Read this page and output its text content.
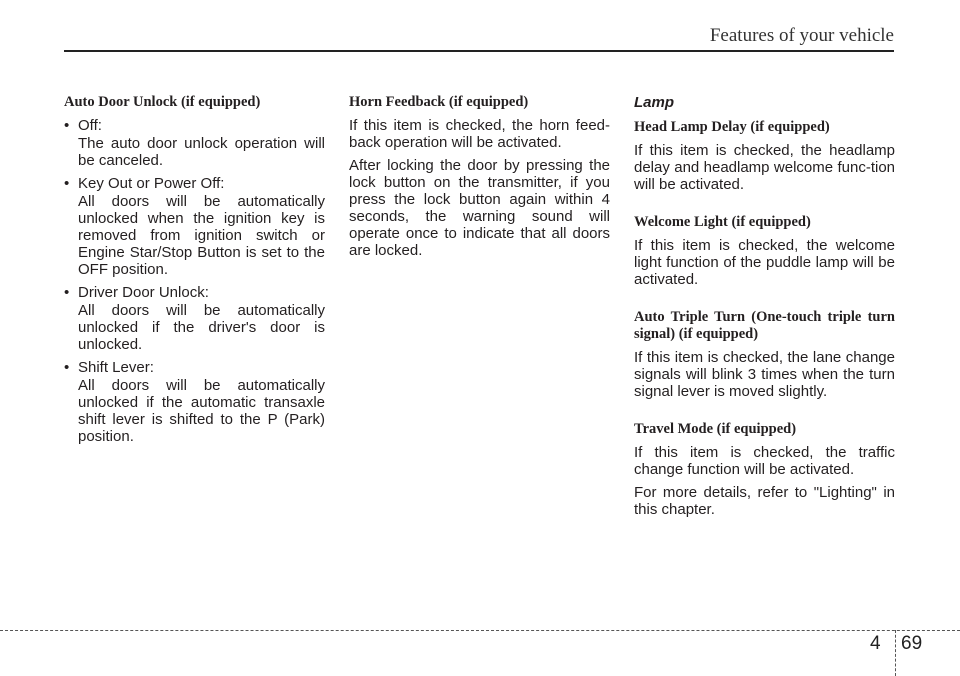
Features of your vehicle
Auto Door Unlock (if equipped)
• Off:
The auto door unlock operation will be canceled.
• Key Out or Power Off:
All doors will be automatically unlocked when the ignition key is removed from ignition switch or Engine Star/Stop Button is set to the OFF position.
• Driver Door Unlock:
All doors will be automatically unlocked if the driver's door is unlocked.
• Shift Lever:
All doors will be automatically unlocked if the automatic transaxle shift lever is shifted to the P (Park) position.
Horn Feedback (if equipped)
If this item is checked, the horn feed-back operation will be activated.
After locking the door by pressing the lock button on the transmitter, if you press the lock button again within 4 seconds, the warning sound will operate once to indicate that all doors are locked.
Lamp
Head Lamp Delay (if equipped)
If this item is checked, the headlamp delay and headlamp welcome func-tion will be activated.
Welcome Light (if equipped)
If this item is checked, the welcome light function of the puddle lamp will be activated.
Auto Triple Turn (One-touch triple turn signal) (if equipped)
If this item is checked, the lane change signals will blink 3 times when the turn signal lever is moved slightly.
Travel Mode (if equipped)
If this item is checked, the traffic change function will be activated.
For more details, refer to "Lighting" in this chapter.
4 69
